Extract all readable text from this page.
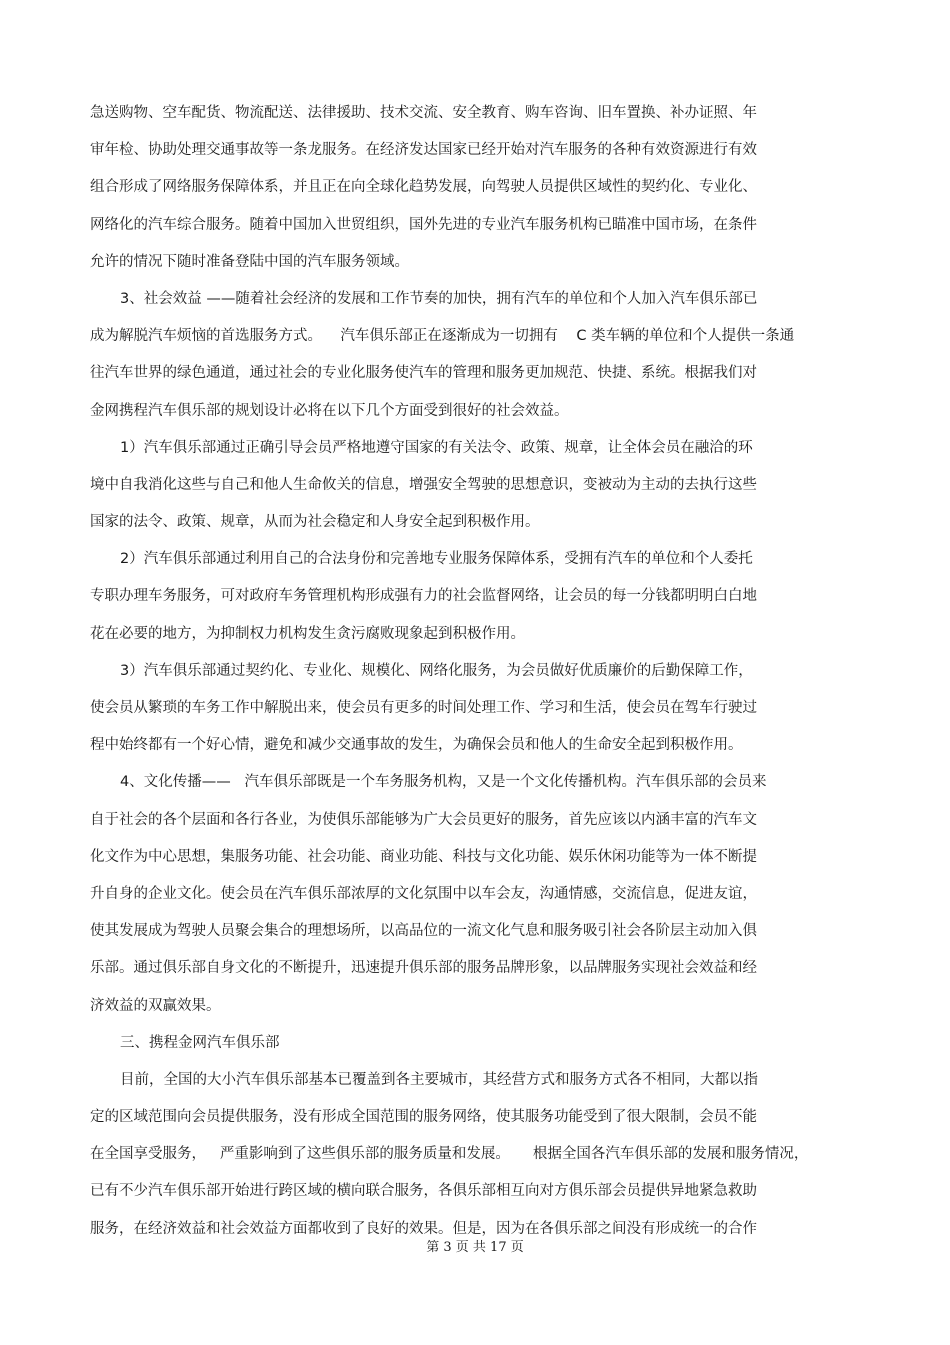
急送购物、空车配货、物流配送、法律援助、技术交流、安全教育、购车咨询、旧车置换、补办证照、年
审年检、协助处理交通事故等一条龙服务。在经济发达国家已经开始对汽车服务的各种有效资源进行有效
组合形成了网络服务保障体系，并且正在向全球化趋势发展，向驾驶人员提供区域性的契约化、专业化、
网络化的汽车综合服务。随着中国加入世贸组织，国外先进的专业汽车服务机构已瞄准中国市场，在条件
允许的情况下随时准备登陆中国的汽车服务领域。
3、社会效益 ——随着社会经济的发展和工作节奏的加快，拥有汽车的单位和个人加入汽车俱乐部已
成为解脱汽车烦恼的首选服务方式。    汽车俱乐部正在逐渐成为一切拥有    C 类车辆的单位和个人提供一条通
往汽车世界的绿色通道，通过社会的专业化服务使汽车的管理和服务更加规范、快捷、系统。根据我们对
金网携程汽车俱乐部的规划设计必将在以下几个方面受到很好的社会效益。
1）汽车俱乐部通过正确引导会员严格地遵守国家的有关法令、政策、规章，让全体会员在融洽的环
境中自我消化这些与自己和他人生命攸关的信息，增强安全驾驶的思想意识，变被动为主动的去执行这些
国家的法令、政策、规章，从而为社会稳定和人身安全起到积极作用。
2）汽车俱乐部通过利用自己的合法身份和完善地专业服务保障体系，受拥有汽车的单位和个人委托
专职办理车务服务，可对政府车务管理机构形成强有力的社会监督网络，让会员的每一分钱都明明白白地
花在必要的地方，为抑制权力机构发生贪污腐败现象起到积极作用。
3）汽车俱乐部通过契约化、专业化、规模化、网络化服务，为会员做好优质廉价的后勤保障工作，
使会员从繁琐的车务工作中解脱出来，使会员有更多的时间处理工作、学习和生活，使会员在驾车行驶过
程中始终都有一个好心情，避免和减少交通事故的发生，为确保会员和他人的生命安全起到积极作用。
4、文化传播——   汽车俱乐部既是一个车务服务机构，又是一个文化传播机构。汽车俱乐部的会员来
自于社会的各个层面和各行各业，为使俱乐部能够为广大会员更好的服务，首先应该以内涵丰富的汽车文
化文作为中心思想，集服务功能、社会功能、商业功能、科技与文化功能、娱乐休闲功能等为一体不断提
升自身的企业文化。使会员在汽车俱乐部浓厚的文化氛围中以车会友，沟通情感，交流信息，促进友谊，
使其发展成为驾驶人员聚会集合的理想场所，以高品位的一流文化气息和服务吸引社会各阶层主动加入俱
乐部。通过俱乐部自身文化的不断提升，迅速提升俱乐部的服务品牌形象，以品牌服务实现社会效益和经
济效益的双赢效果。
三、携程金网汽车俱乐部
目前，全国的大小汽车俱乐部基本已覆盖到各主要城市，其经营方式和服务方式各不相同，大都以指
定的区域范围向会员提供服务，没有形成全国范围的服务网络，使其服务功能受到了很大限制，会员不能
在全国享受服务，   严重影响到了这些俱乐部的服务质量和发展。     根据全国各汽车俱乐部的发展和服务情况，
已有不少汽车俱乐部开始进行跨区域的横向联合服务，各俱乐部相互向对方俱乐部会员提供异地紧急救助
服务，在经济效益和社会效益方面都收到了良好的效果。但是，因为在各俱乐部之间没有形成统一的合作
第 3 页 共 17 页
